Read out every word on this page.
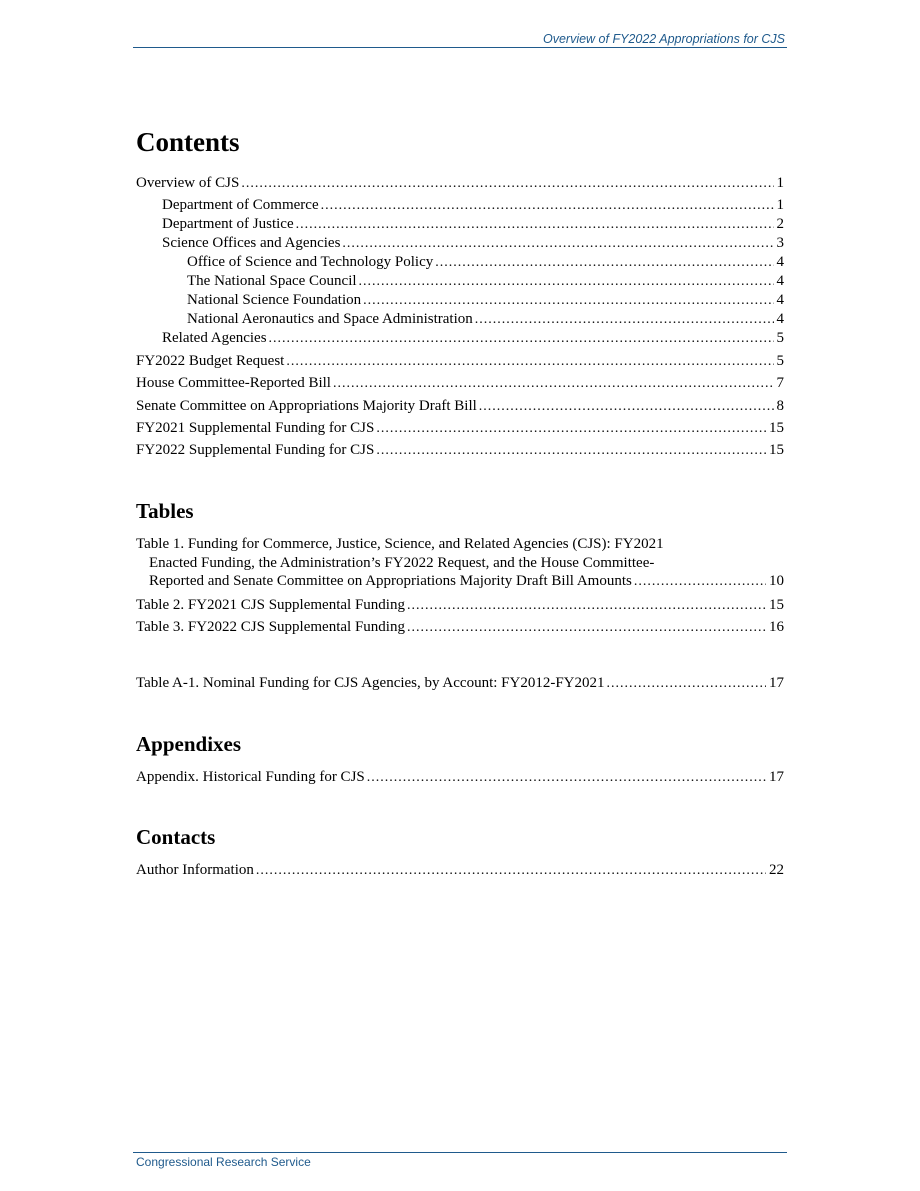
Overview of FY2022 Appropriations for CJS
Contents
Overview of CJS .....	1
Department of Commerce .....	1
Department of Justice .....	2
Science Offices and Agencies .....	3
Office of Science and Technology Policy .....	4
The National Space Council .....	4
National Science Foundation .....	4
National Aeronautics and Space Administration .....	4
Related Agencies .....	5
FY2022 Budget Request .....	5
House Committee-Reported Bill .....	7
Senate Committee on Appropriations Majority Draft Bill .....	8
FY2021 Supplemental Funding for CJS .....	15
FY2022 Supplemental Funding for CJS .....	15
Tables
Table 1. Funding for Commerce, Justice, Science, and Related Agencies (CJS): FY2021
Enacted Funding, the Administration’s FY2022 Request, and the House Committee-
Reported and Senate Committee on Appropriations Majority Draft Bill Amounts .....	10
Table 2. FY2021 CJS Supplemental Funding .....	15
Table 3. FY2022 CJS Supplemental Funding .....	16
Table A-1. Nominal Funding for CJS Agencies, by Account: FY2012-FY2021 .....	17
Appendixes
Appendix. Historical Funding for CJS .....	17
Contacts
Author Information .....	22
Congressional Research Service
